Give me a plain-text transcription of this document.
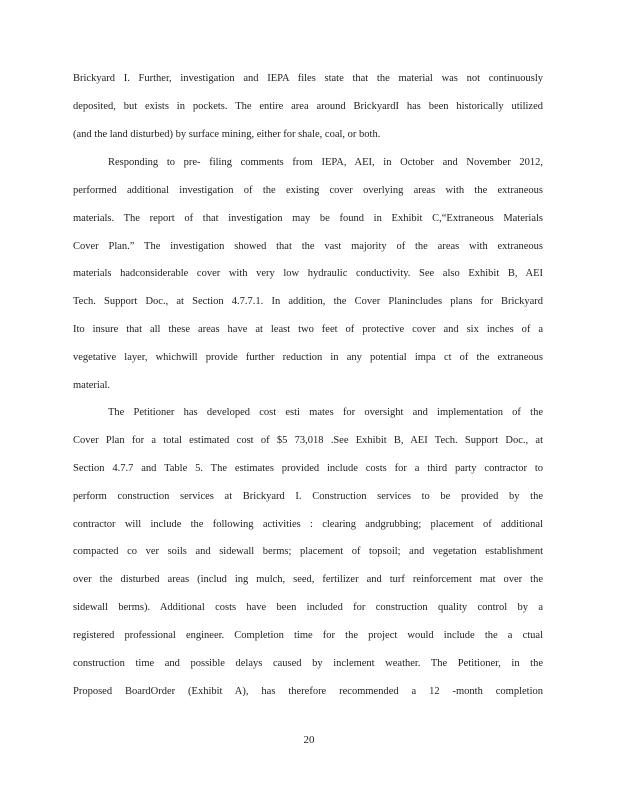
Brickyard I. Further, investigation and IEPA files state that the material was not continuously
deposited, but exists in pockets. The entire area around BrickyardI has been historically utilized
(and the land disturbed) by surface mining, either for shale, coal, or both.
Responding to pre- filing comments from IEPA, AEI, in October and November 2012,
performed additional investigation of the existing cover overlying areas with the extraneous
materials. The report of that investigation may be found in Exhibit C,“Extraneous Materials
Cover Plan.” The investigation showed that the vast majority of the areas with extraneous
materials hadconsiderable cover with very low hydraulic conductivity. See also Exhibit B, AEI
Tech. Support Doc., at Section 4.7.7.1. In addition, the Cover Planincludes plans for Brickyard
Ito insure that all these areas have at least two feet of protective cover and six inches of a
vegetative layer, whichwill provide further reduction in any potential impa ct of the extraneous
material.
The Petitioner has developed cost esti mates for oversight and implementation of the
Cover Plan for a total estimated cost of $5 73,018 .See Exhibit B, AEI Tech. Support Doc., at
Section 4.7.7 and Table 5. The estimates provided include costs for a third party contractor to
perform construction services at Brickyard I. Construction services to be provided by the
contractor will include the following activities : clearing andgrubbing; placement of additional
compacted co ver soils and sidewall berms; placement of topsoil; and vegetation establishment
over the disturbed areas (includ ing mulch, seed, fertilizer and turf reinforcement mat over the
sidewall berms). Additional costs have been included for construction quality control by a
registered professional engineer. Completion time for the project would include the a ctual
construction time and possible delays caused by inclement weather. The Petitioner, in the
Proposed BoardOrder (Exhibit A), has therefore recommended a 12 -month completion
20
